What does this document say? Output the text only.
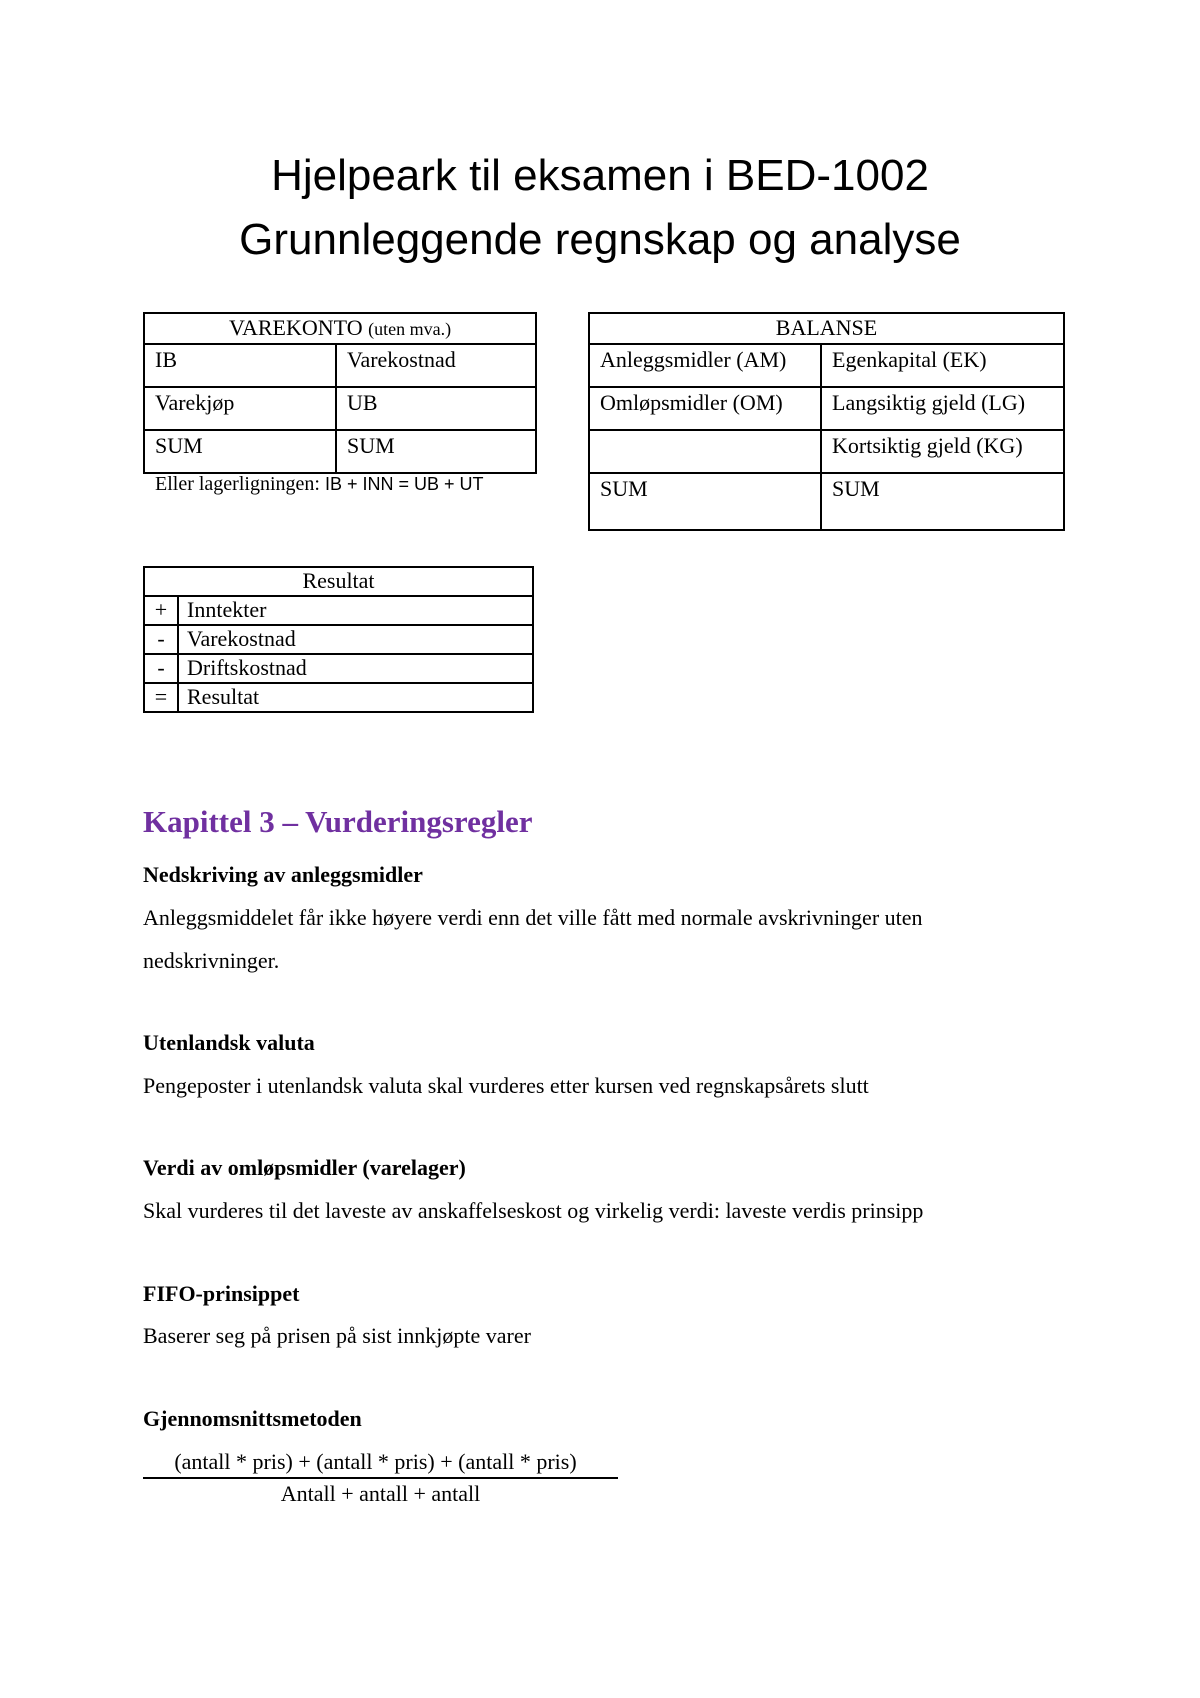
Hjelpeark til eksamen i BED-1002
Grunnleggende regnskap og analyse
VAREKONTO (uten mva.)	
IB	Varekostnad
Varekjøp	UB
SUM	SUM
Eller lagerligningen: IB + INN = UB + UT
BALANSE	
Anleggsmidler (AM)	Egenkapital (EK)
Omløpsmidler (OM)	Langsiktig gjeld (LG)
	Kortsiktig gjeld (KG)
SUM	SUM
Resultat	
+	Inntekter
-	Varekostnad
-	Driftskostnad
=	Resultat
Kapittel 3 – Vurderingsregler
Nedskriving av anleggsmidler
Anleggsmiddelet får ikke høyere verdi enn det ville fått med normale avskrivninger uten
nedskrivninger.
Utenlandsk valuta
Pengeposter i utenlandsk valuta skal vurderes etter kursen ved regnskapsårets slutt
Verdi av omløpsmidler (varelager)
Skal vurderes til det laveste av anskaffelseskost og virkelig verdi: laveste verdis prinsipp
FIFO-prinsippet
Baserer seg på prisen på sist innkjøpte varer
Gjennomsnittsmetoden
(antall * pris) + (antall * pris) + (antall * pris)
Antall + antall + antall
